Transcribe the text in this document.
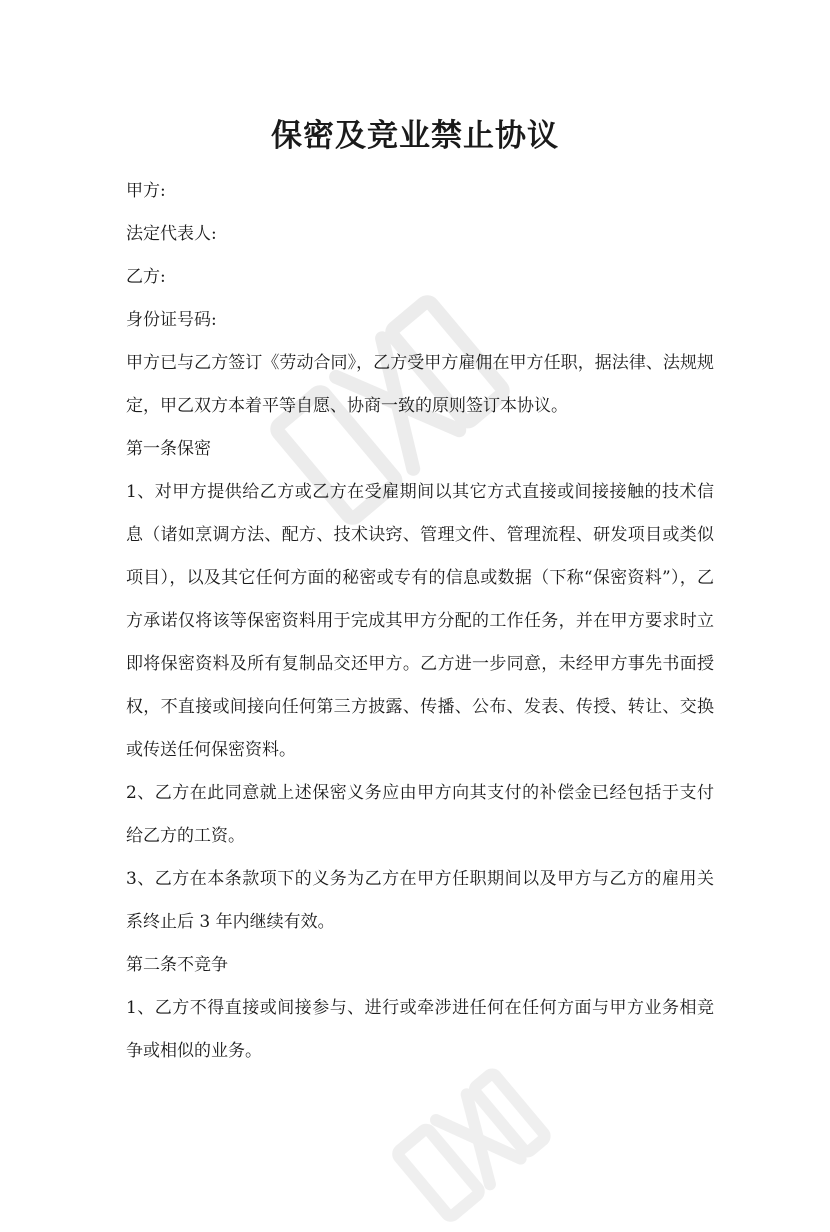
保密及竞业禁止协议

甲方:

法定代表人:

乙方:

身份证号码:

甲方已与乙方签订《劳动合同》，乙方受甲方雇佣在甲方任职，据法律、法规规定，甲乙双方本着平等自愿、协商一致的原则签订本协议。

第一条保密

1、对甲方提供给乙方或乙方在受雇期间以其它方式直接或间接接触的技术信息（诸如烹调方法、配方、技术诀窍、管理文件、管理流程、研发项目或类似项目），以及其它任何方面的秘密或专有的信息或数据（下称“保密资料”），乙方承诺仅将该等保密资料用于完成其甲方分配的工作任务，并在甲方要求时立即将保密资料及所有复制品交还甲方。乙方进一步同意，未经甲方事先书面授权，不直接或间接向任何第三方披露、传播、公布、发表、传授、转让、交换或传送任何保密资料。

2、乙方在此同意就上述保密义务应由甲方向其支付的补偿金已经包括于支付给乙方的工资。

3、乙方在本条款项下的义务为乙方在甲方任职期间以及甲方与乙方的雇用关系终止后 3 年内继续有效。

第二条不竞争

1、乙方不得直接或间接参与、进行或牵涉进任何在任何方面与甲方业务相竞争或相似的业务。
